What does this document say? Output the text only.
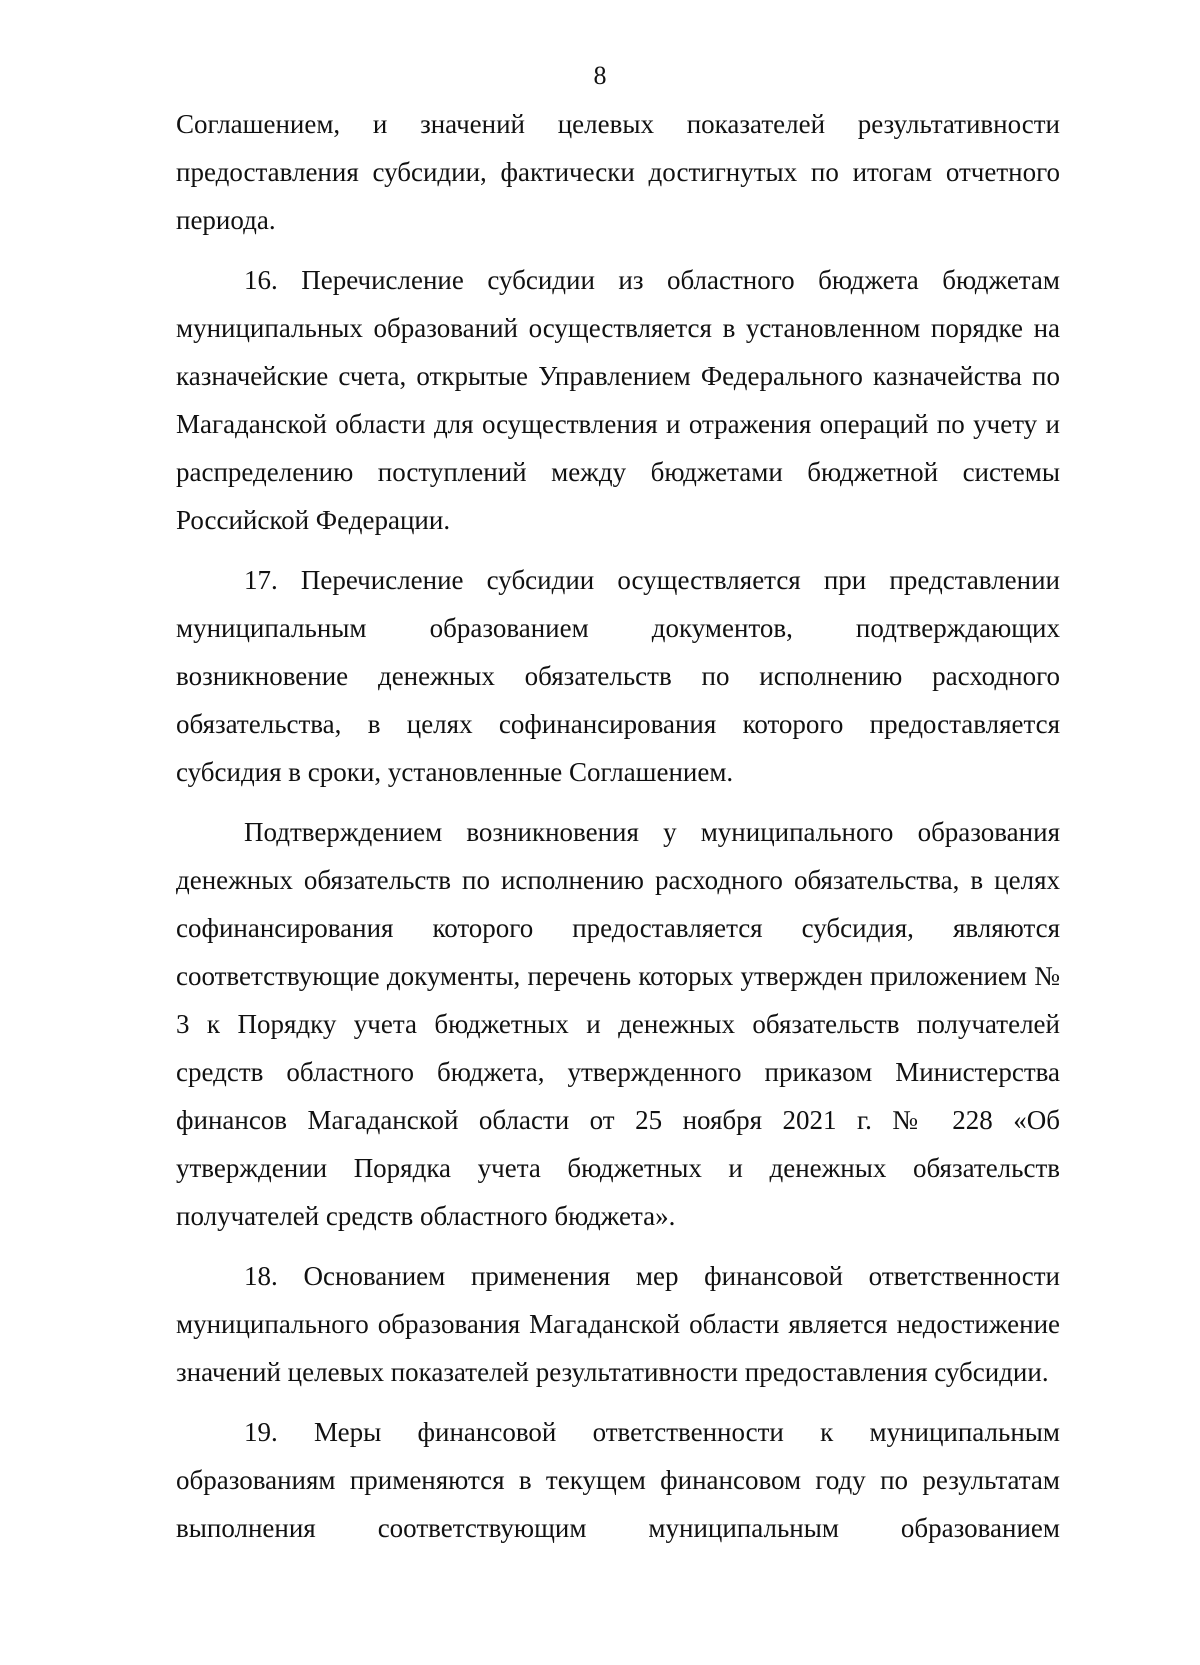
8

Соглашением, и значений целевых показателей результативности предоставления субсидии, фактически достигнутых по итогам отчетного периода.

16. Перечисление субсидии из областного бюджета бюджетам муниципальных образований осуществляется в установленном порядке на казначейские счета, открытые Управлением Федерального казначейства по Магаданской области для осуществления и отражения операций по учету и распределению поступлений между бюджетами бюджетной системы Российской Федерации.

17. Перечисление субсидии осуществляется при представлении муниципальным образованием документов, подтверждающих возникновение денежных обязательств по исполнению расходного обязательства, в целях софинансирования которого предоставляется субсидия в сроки, установленные Соглашением.

Подтверждением возникновения у муниципального образования денежных обязательств по исполнению расходного обязательства, в целях софинансирования которого предоставляется субсидия, являются соответствующие документы, перечень которых утвержден приложением № 3 к Порядку учета бюджетных и денежных обязательств получателей средств областного бюджета, утвержденного приказом Министерства финансов Магаданской области от 25 ноября 2021 г. № 228 «Об утверждении Порядка учета бюджетных и денежных обязательств получателей средств областного бюджета».

18. Основанием применения мер финансовой ответственности муниципального образования Магаданской области является недостижение значений целевых показателей результативности предоставления субсидии.

19. Меры финансовой ответственности к муниципальным образованиям применяются в текущем финансовом году по результатам выполнения соответствующим муниципальным образованием
